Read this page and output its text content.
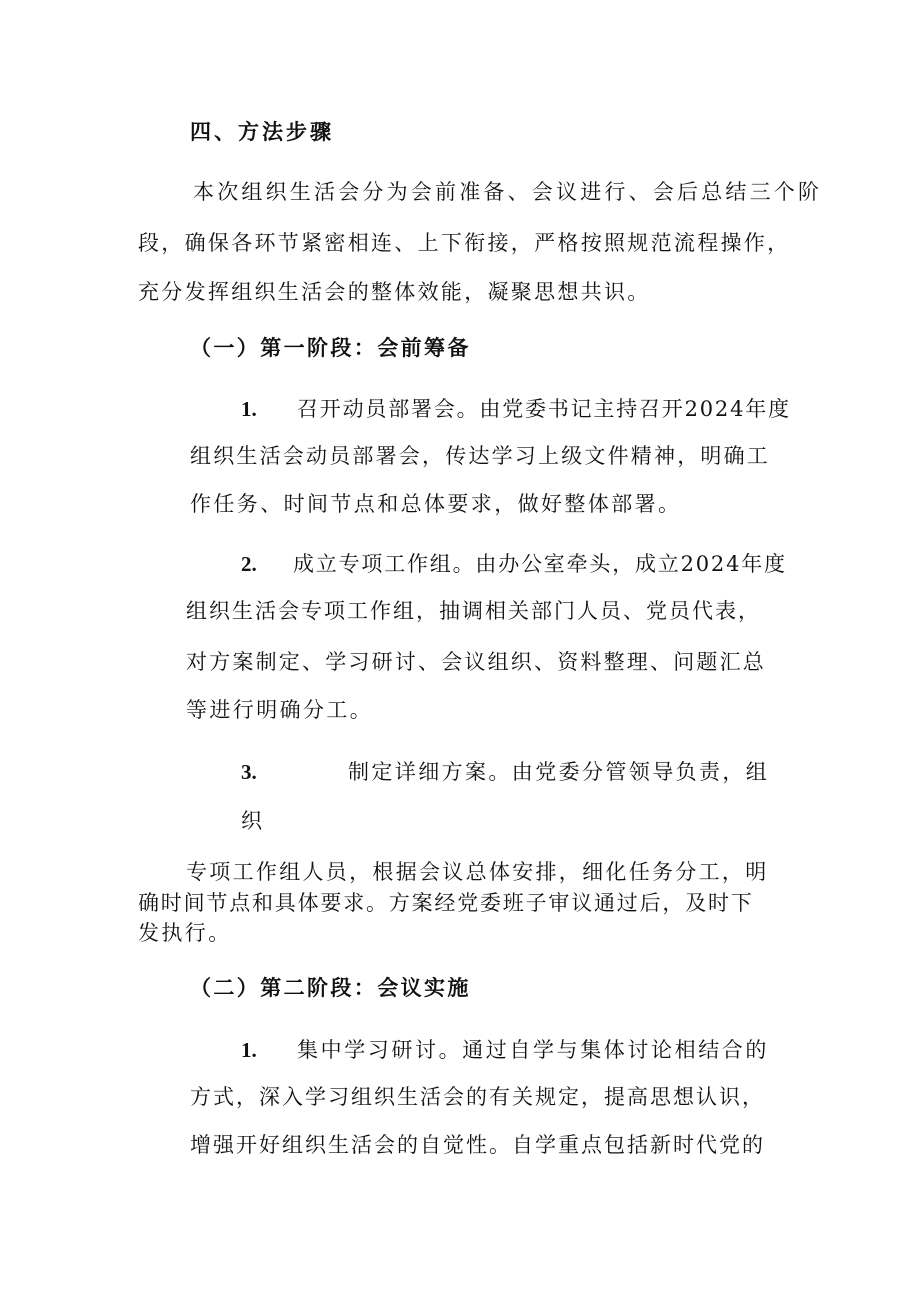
四、方法步骤
本次组织生活会分为会前准备、会议进行、会后总结三个阶
段，确保各环节紧密相连、上下衔接，严格按照规范流程操作，
充分发挥组织生活会的整体效能，凝聚思想共识。
（一）第一阶段：会前筹备
1. 召开动员部署会。由党委书记主持召开2024年度
组织生活会动员部署会，传达学习上级文件精神，明确工
作任务、时间节点和总体要求，做好整体部署。
2. 成立专项工作组。由办公室牵头，成立2024年度
组织生活会专项工作组，抽调相关部门人员、党员代表，
对方案制定、学习研讨、会议组织、资料整理、问题汇总
等进行明确分工。
3.	制定详细方案。由党委分管领导负责，组
织
专项工作组人员，根据会议总体安排，细化任务分工，明
确时间节点和具体要求。方案经党委班子审议通过后，及时下
发执行。
（二）第二阶段：会议实施
1. 集中学习研讨。通过自学与集体讨论相结合的
方式，深入学习组织生活会的有关规定，提高思想认识，
增强开好组织生活会的自觉性。自学重点包括新时代党的
